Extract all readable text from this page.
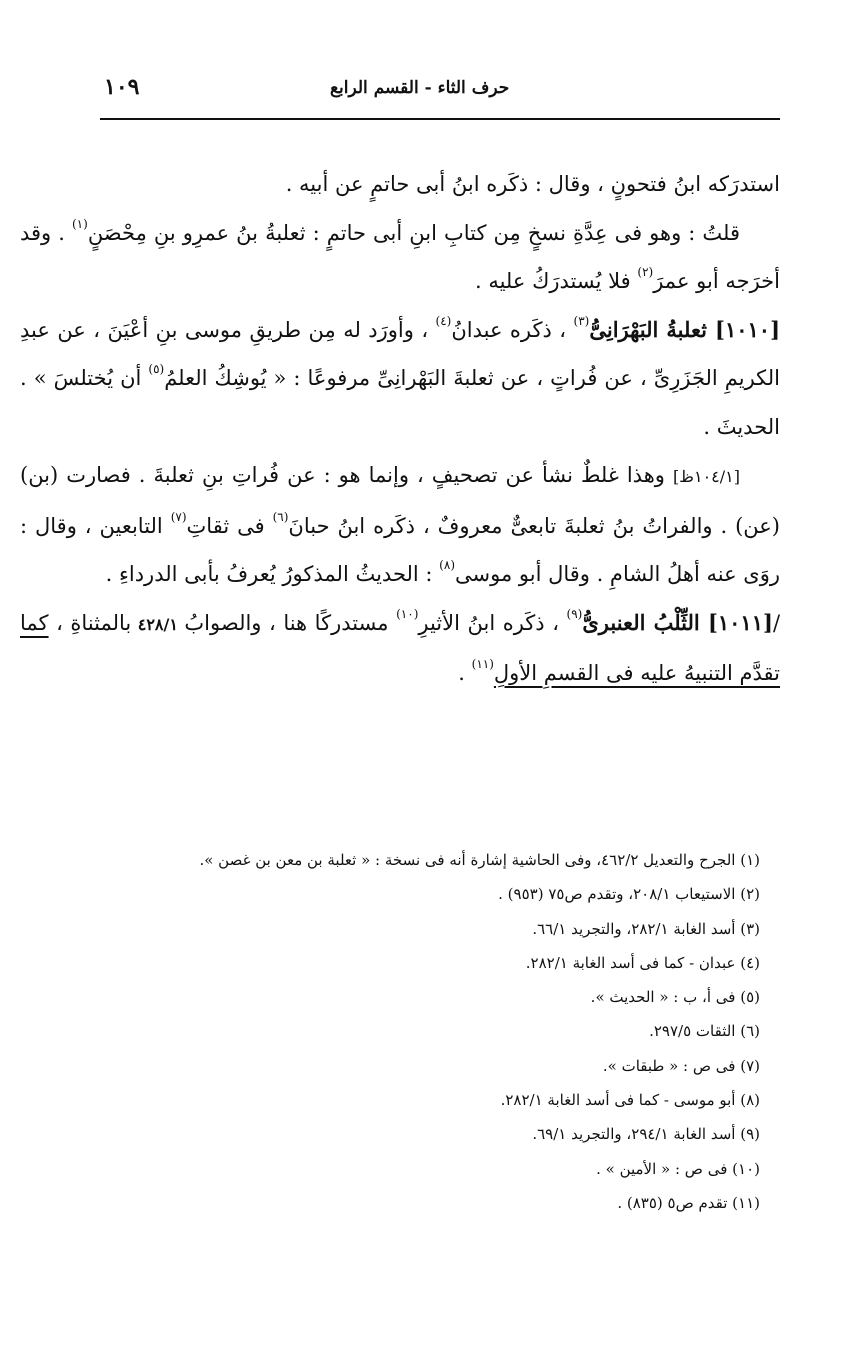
١٠٩	حرف الثاء - القسم الرابع

استدرَكه ابنُ فتحونٍ ، وقال : ذكَره ابنُ أبى حاتمٍ عن أبيه .

قلتُ : وهو فى عِدَّةِ نسخٍ مِن كتابِ ابنِ أبى حاتمٍ : ثعلبةُ بنُ عمرِو بنِ مِحْصَنٍ$^{(١)}$ . وقد أخرَجه أبو عمرَ$^{(٢)}$ فلا يُستدرَكُ عليه .

[١٠١٠] ثعلبةُ البَهْرَانِىُّ$^{(٣)}$ ، ذكَره عبدانُ$^{(٤)}$ ، وأورَد له مِن طريقِ موسى بنِ أعْيَنَ ، عن عبدِ الكريمِ الجَزَرِىِّ ، عن فُراتٍ ، عن ثعلبةَ البَهْرانِىِّ مرفوعًا : « يُوشِكُ العلمُ$^{(٥)}$ أن يُختلسَ » . الحديثَ .

[١٠٤/١ظ] وهذا غلطٌ نشأ عن تصحيفٍ ، وإنما هو : عن فُراتِ بنِ ثعلبةَ . فصارت (بن) (عن) . والفراتُ بنُ ثعلبةَ تابعىٌّ معروفٌ ، ذكَره ابنُ حبانَ$^{(٦)}$ فى ثقاتِ$^{(٧)}$ التابعين ، وقال : روَى عنه أهلُ الشامِ . وقال أبو موسى$^{(٨)}$ : الحديثُ المذكورُ يُعرفُ بأبى الدرداءِ .

/[١٠١١] الثِّلْبُ العنبرىُّ$^{(٩)}$ ، ذكَره ابنُ الأثيرِ$^{(١٠)}$ مستدركًا هنا ، والصوابُ ٤٢٨/١ بالمثناةِ ، كما تقدَّم التنبيهُ عليه فى القسمِ الأولِ$^{(١١)}$ .

(١) الجرح والتعديل ٤٦٢/٢، وفى الحاشية إشارة أنه فى نسخة : « ثعلبة بن معن بن غصن ».
(٢) الاستيعاب ٢٠٨/١، وتقدم ص٧٥ (٩٥٣) .
(٣) أسد الغابة ٢٨٢/١، والتجريد ٦٦/١.
(٤) عبدان - كما فى أسد الغابة ٢٨٢/١.
(٥) فى أ، ب : « الحديث ».
(٦) الثقات ٢٩٧/٥.
(٧) فى ص : « طبقات ».
(٨) أبو موسى - كما فى أسد الغابة ٢٨٢/١.
(٩) أسد الغابة ٢٩٤/١، والتجريد ٦٩/١.
(١٠) فى ص : « الأمين » .
(١١) تقدم ص٥ (٨٣٥) .
